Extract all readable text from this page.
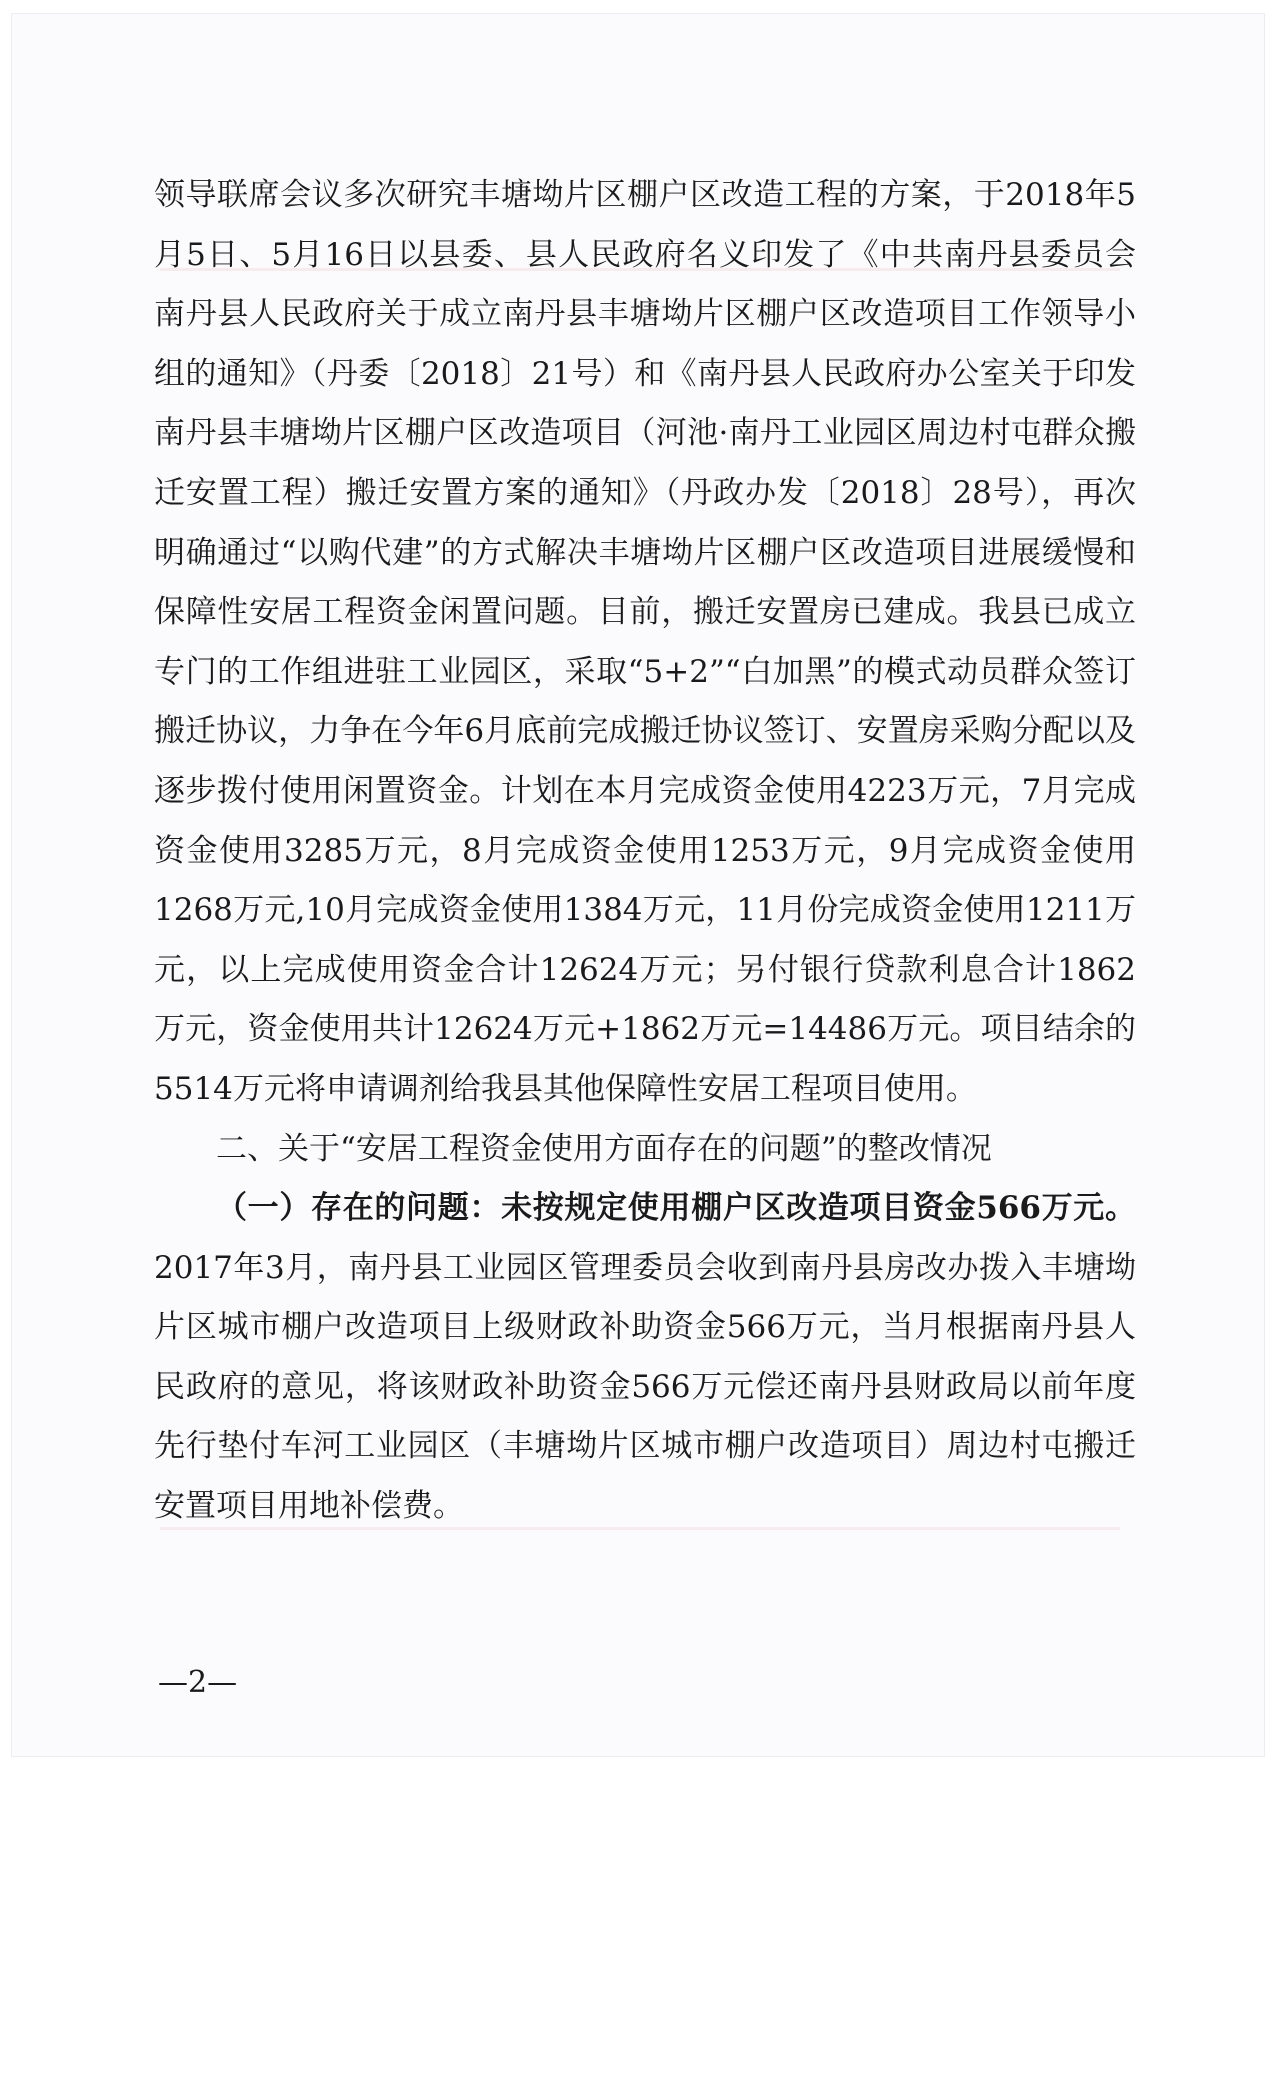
领导联席会议多次研究丰塘坳片区棚户区改造工程的方案，于2018年5月5日、5月16日以县委、县人民政府名义印发了《中共南丹县委员会 南丹县人民政府关于成立南丹县丰塘坳片区棚户区改造项目工作领导小组的通知》（丹委〔2018〕21号）和《南丹县人民政府办公室关于印发南丹县丰塘坳片区棚户区改造项目（河池·南丹工业园区周边村屯群众搬迁安置工程）搬迁安置方案的通知》（丹政办发〔2018〕28号），再次明确通过“以购代建”的方式解决丰塘坳片区棚户区改造项目进展缓慢和保障性安居工程资金闲置问题。目前，搬迁安置房已建成。我县已成立专门的工作组进驻工业园区，采取“5+2”“白加黑”的模式动员群众签订搬迁协议，力争在今年6月底前完成搬迁协议签订、安置房采购分配以及逐步拨付使用闲置资金。计划在本月完成资金使用4223万元，7月完成资金使用3285万元，8月完成资金使用1253万元，9月完成资金使用1268万元,10月完成资金使用1384万元，11月份完成资金使用1211万元，以上完成使用资金合计12624万元；另付银行贷款利息合计1862万元，资金使用共计12624万元+1862万元=14486万元。项目结余的5514万元将申请调剂给我县其他保障性安居工程项目使用。

二、关于“安居工程资金使用方面存在的问题”的整改情况

（一）存在的问题：未按规定使用棚户区改造项目资金566万元。2017年3月，南丹县工业园区管理委员会收到南丹县房改办拨入丰塘坳片区城市棚户改造项目上级财政补助资金566万元，当月根据南丹县人民政府的意见，将该财政补助资金566万元偿还南丹县财政局以前年度先行垫付车河工业园区（丰塘坳片区城市棚户改造项目）周边村屯搬迁安置项目用地补偿费。

—2—
